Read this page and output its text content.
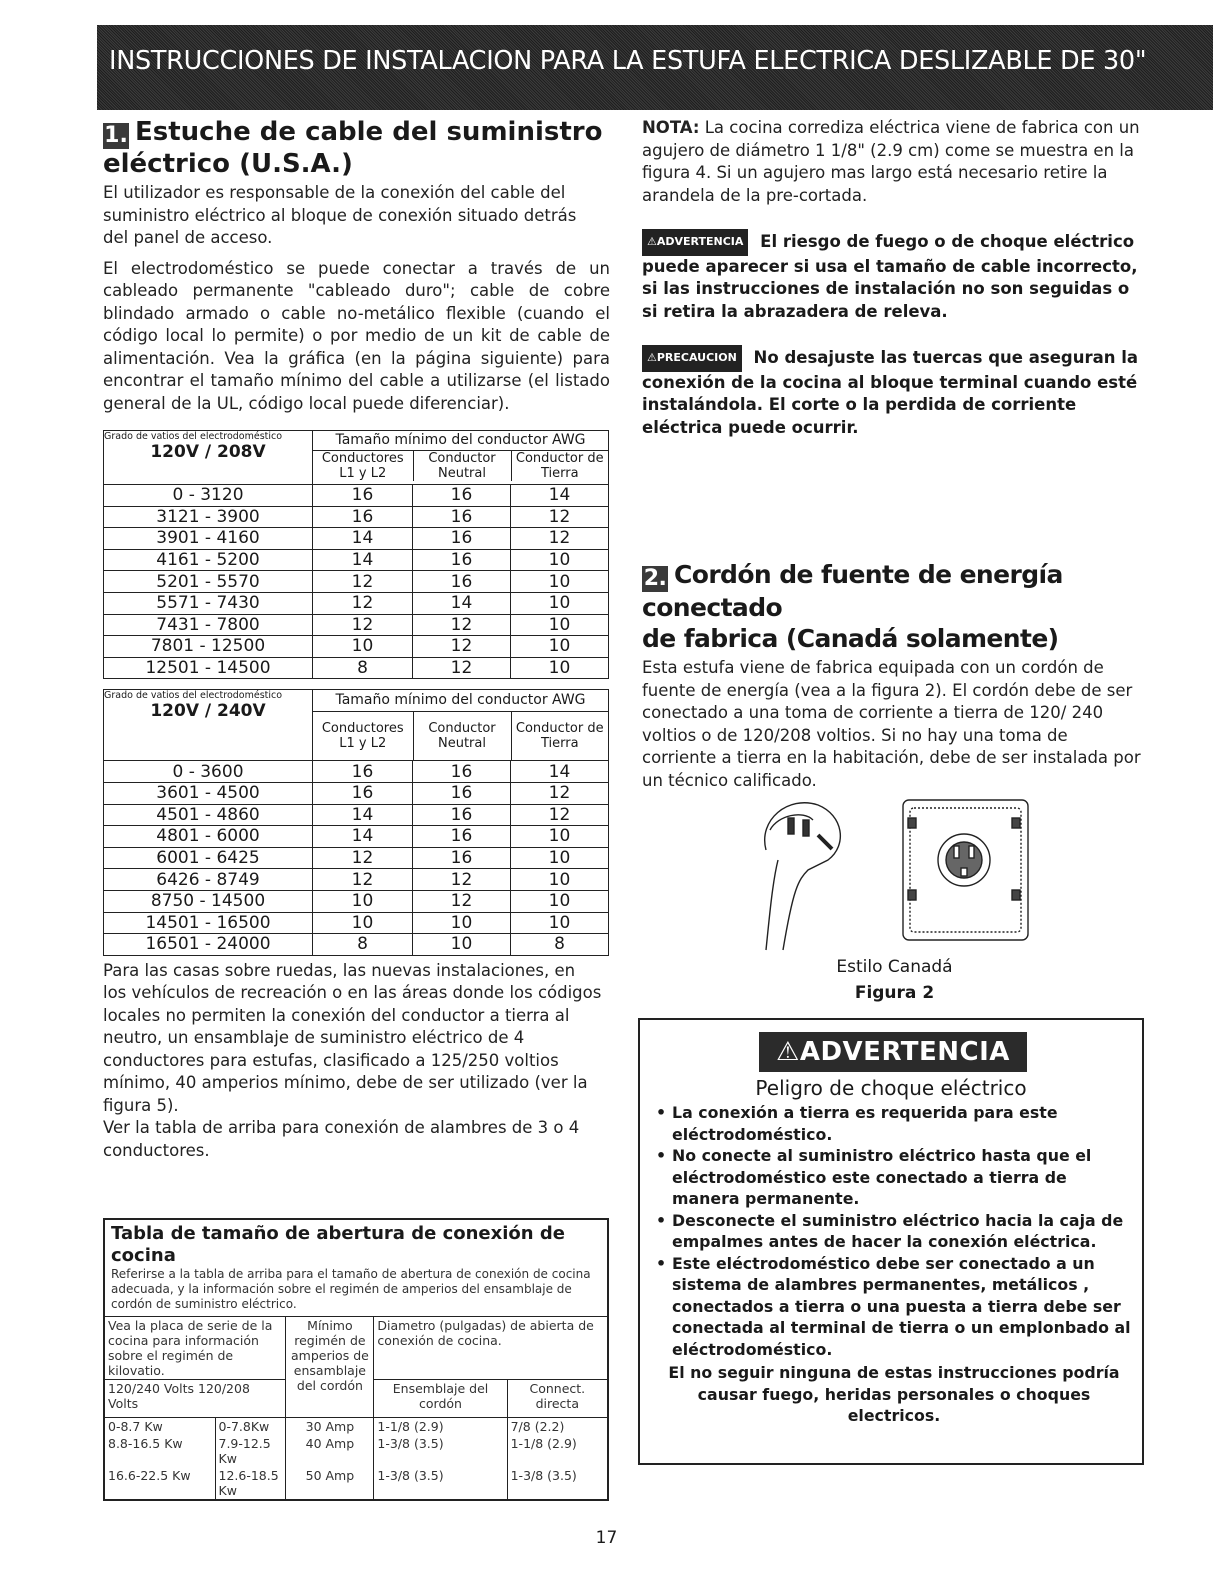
INSTRUCCIONES DE INSTALACION PARA LA ESTUFA ELECTRICA DESLIZABLE DE 30"
1. Estuche de cable del suministro
eléctrico (U.S.A.)
El utilizador es responsable de la conexión del cable del suministro eléctrico al bloque de conexión situado detrás del panel de acceso.
El electrodoméstico se puede conectar a través de un cableado permanente "cableado duro"; cable de cobre blindado armado o cable no-metálico flexible (cuando el código local lo permite) o por medio de un kit de cable de alimentación. Vea la gráfica (en la página siguiente) para encontrar el tamaño mínimo del cable a utilizarse (el listado general de la UL, código local puede diferenciar).
Grado de vatios del electrodoméstico
120V / 208V

Tamaño mínimo del conductor AWG
Conductores L1 y L2	Conductor Neutral	Conductor de Tierra

0 - 3120	16	16	14
3121 - 3900	16	16	12
3901 - 4160	14	16	12
4161 - 5200	14	16	10
5201 - 5570	12	16	10
5571 - 7430	12	14	10
7431 - 7800	12	12	10
7801 - 12500	10	12	10
12501 - 14500	8	12	10
Grado de vatios del electrodoméstico
120V / 240V

Tamaño mínimo del conductor AWG
Conductores L1 y L2	Conductor Neutral	Conductor de Tierra

0 - 3600	16	16	14
3601 - 4500	16	16	12
4501 - 4860	14	16	12
4801 - 6000	14	16	10
6001 - 6425	12	16	10
6426 - 8749	12	12	10
8750 - 14500	10	12	10
14501 - 16500	10	10	10
16501 - 24000	8	10	8
Para las casas sobre ruedas, las nuevas instalaciones, en los vehículos de recreación o en las áreas donde los códigos locales no permiten la conexión del conductor a tierra al neutro, un ensamblaje de suministro eléctrico de 4 conductores para estufas, clasificado a 125/250 voltios mínimo, 40 amperios mínimo, debe de ser utilizado (ver la figura 5).
Ver la tabla de arriba para conexión de alambres de 3 o 4 conductores.
Tabla de tamaño de abertura de conexión de cocina
Referirse a la tabla de arriba para el tamaño de abertura de conexión de cocina adecuada, y la información sobre el regimén de amperios del ensamblaje de cordón de suministro eléctrico.
Vea la placa de serie de la cocina para información sobre el regimén de kilovatio.		Mínimo regimén de amperios de ensamblaje del cordón	Diametro (pulgadas) de abierta de conexión de cocina.	
120/240 Volts 120/208 Volts			Ensemblaje del cordón	Connect. directa
0-8.7 Kw	0-7.8Kw	30 Amp	1-1/8 (2.9)	7/8 (2.2)
8.8-16.5 Kw	7.9-12.5 Kw	40 Amp	1-3/8 (3.5)	1-1/8 (2.9)
16.6-22.5 Kw	12.6-18.5 Kw	50 Amp	1-3/8 (3.5)	1-3/8 (3.5)
NOTA: La cocina corrediza eléctrica viene de fabrica con un agujero de diámetro 1 1/8" (2.9 cm) come se muestra en la figura 4. Si un agujero mas largo está necesario retire la arandela de la pre-cortada.
⚠ADVERTENCIA El riesgo de fuego o de choque eléctrico puede aparecer si usa el tamaño de cable incorrecto, si las instrucciones de instalación no son seguidas o si retira la abrazadera de releva.
⚠PRECAUCION No desajuste las tuercas que aseguran la conexión de la cocina al bloque terminal cuando esté instalándola. El corte o la perdida de corriente eléctrica puede ocurrir.
2. Cordón de fuente de energía conectado
de fabrica (Canadá solamente)
Esta estufa viene de fabrica equipada con un cordón de fuente de energía (vea a la figura 2). El cordón debe de ser conectado a una toma de corriente a tierra de 120/ 240 voltios o de 120/208 voltios. Si no hay una toma de corriente a tierra en la habitación, debe de ser instalada por un técnico calificado.
Estilo Canadá
Figura 2
⚠ADVERTENCIA
Peligro de choque eléctrico
• La conexión a tierra es requerida para este eléctrodoméstico.
• No conecte al suministro eléctrico hasta que el eléctrodoméstico este conectado a tierra de manera permanente.
• Desconecte el suministro eléctrico hacia la caja de empalmes antes de hacer la conexión eléctrica.
• Este eléctrodoméstico debe ser conectado a un sistema de alambres permanentes, metálicos , conectados a tierra o una puesta a tierra debe ser conectada al terminal de tierra o un emplonbado al eléctrodoméstico.
El no seguir ninguna de estas instrucciones podría causar fuego, heridas personales o choques electricos.
17
